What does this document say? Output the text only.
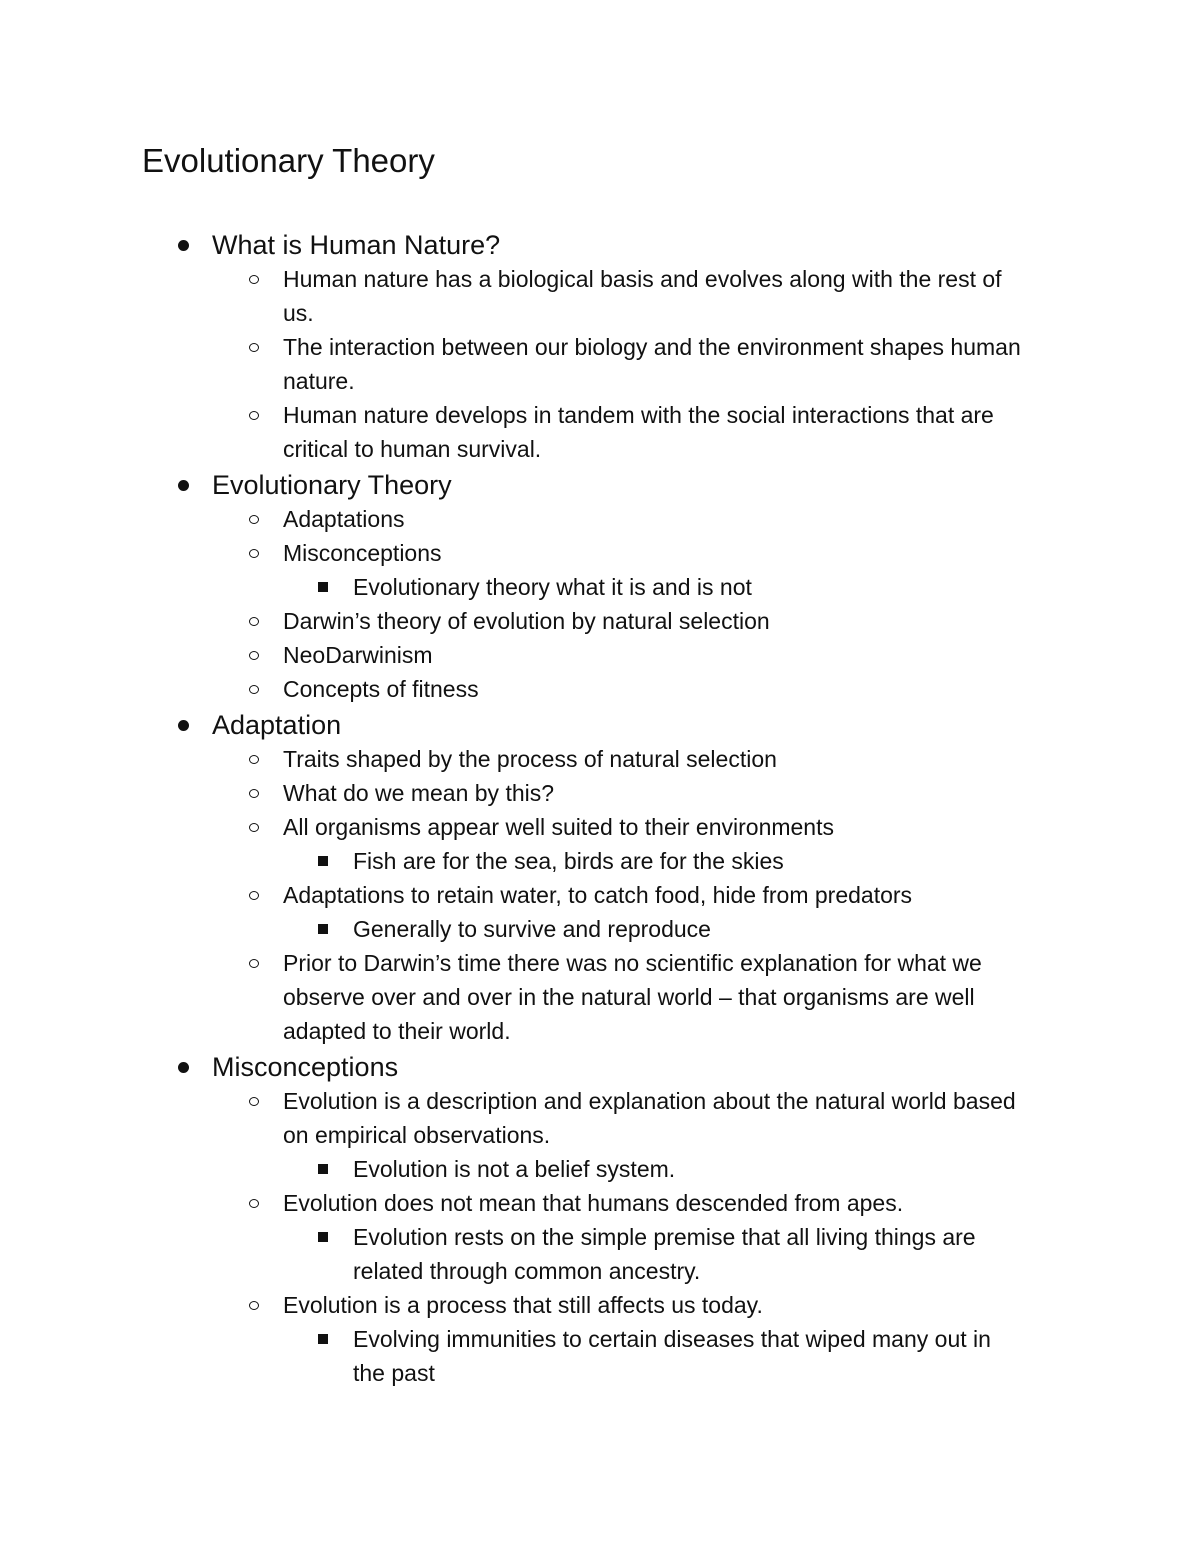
Evolutionary Theory
What is Human Nature?
Human nature has a biological basis and evolves along with the rest of us.
The interaction between our biology and the environment shapes human nature.
Human nature develops in tandem with the social interactions that are critical to human survival.
Evolutionary Theory
Adaptations
Misconceptions
Evolutionary theory what it is and is not
Darwin’s theory of evolution by natural selection
NeoDarwinism
Concepts of fitness
Adaptation
Traits shaped by the process of natural selection
What do we mean by this?
All organisms appear well suited to their environments
Fish are for the sea, birds are for the skies
Adaptations to retain water, to catch food, hide from predators
Generally to survive and reproduce
Prior to Darwin’s time there was no scientific explanation for what we observe over and over in the natural world – that organisms are well adapted to their world.
Misconceptions
Evolution is a description and explanation about the natural world based on empirical observations.
Evolution is not a belief system.
Evolution does not mean that humans descended from apes.
Evolution rests on the simple premise that all living things are related through common ancestry.
Evolution is a process that still affects us today.
Evolving immunities to certain diseases that wiped many out in the past
